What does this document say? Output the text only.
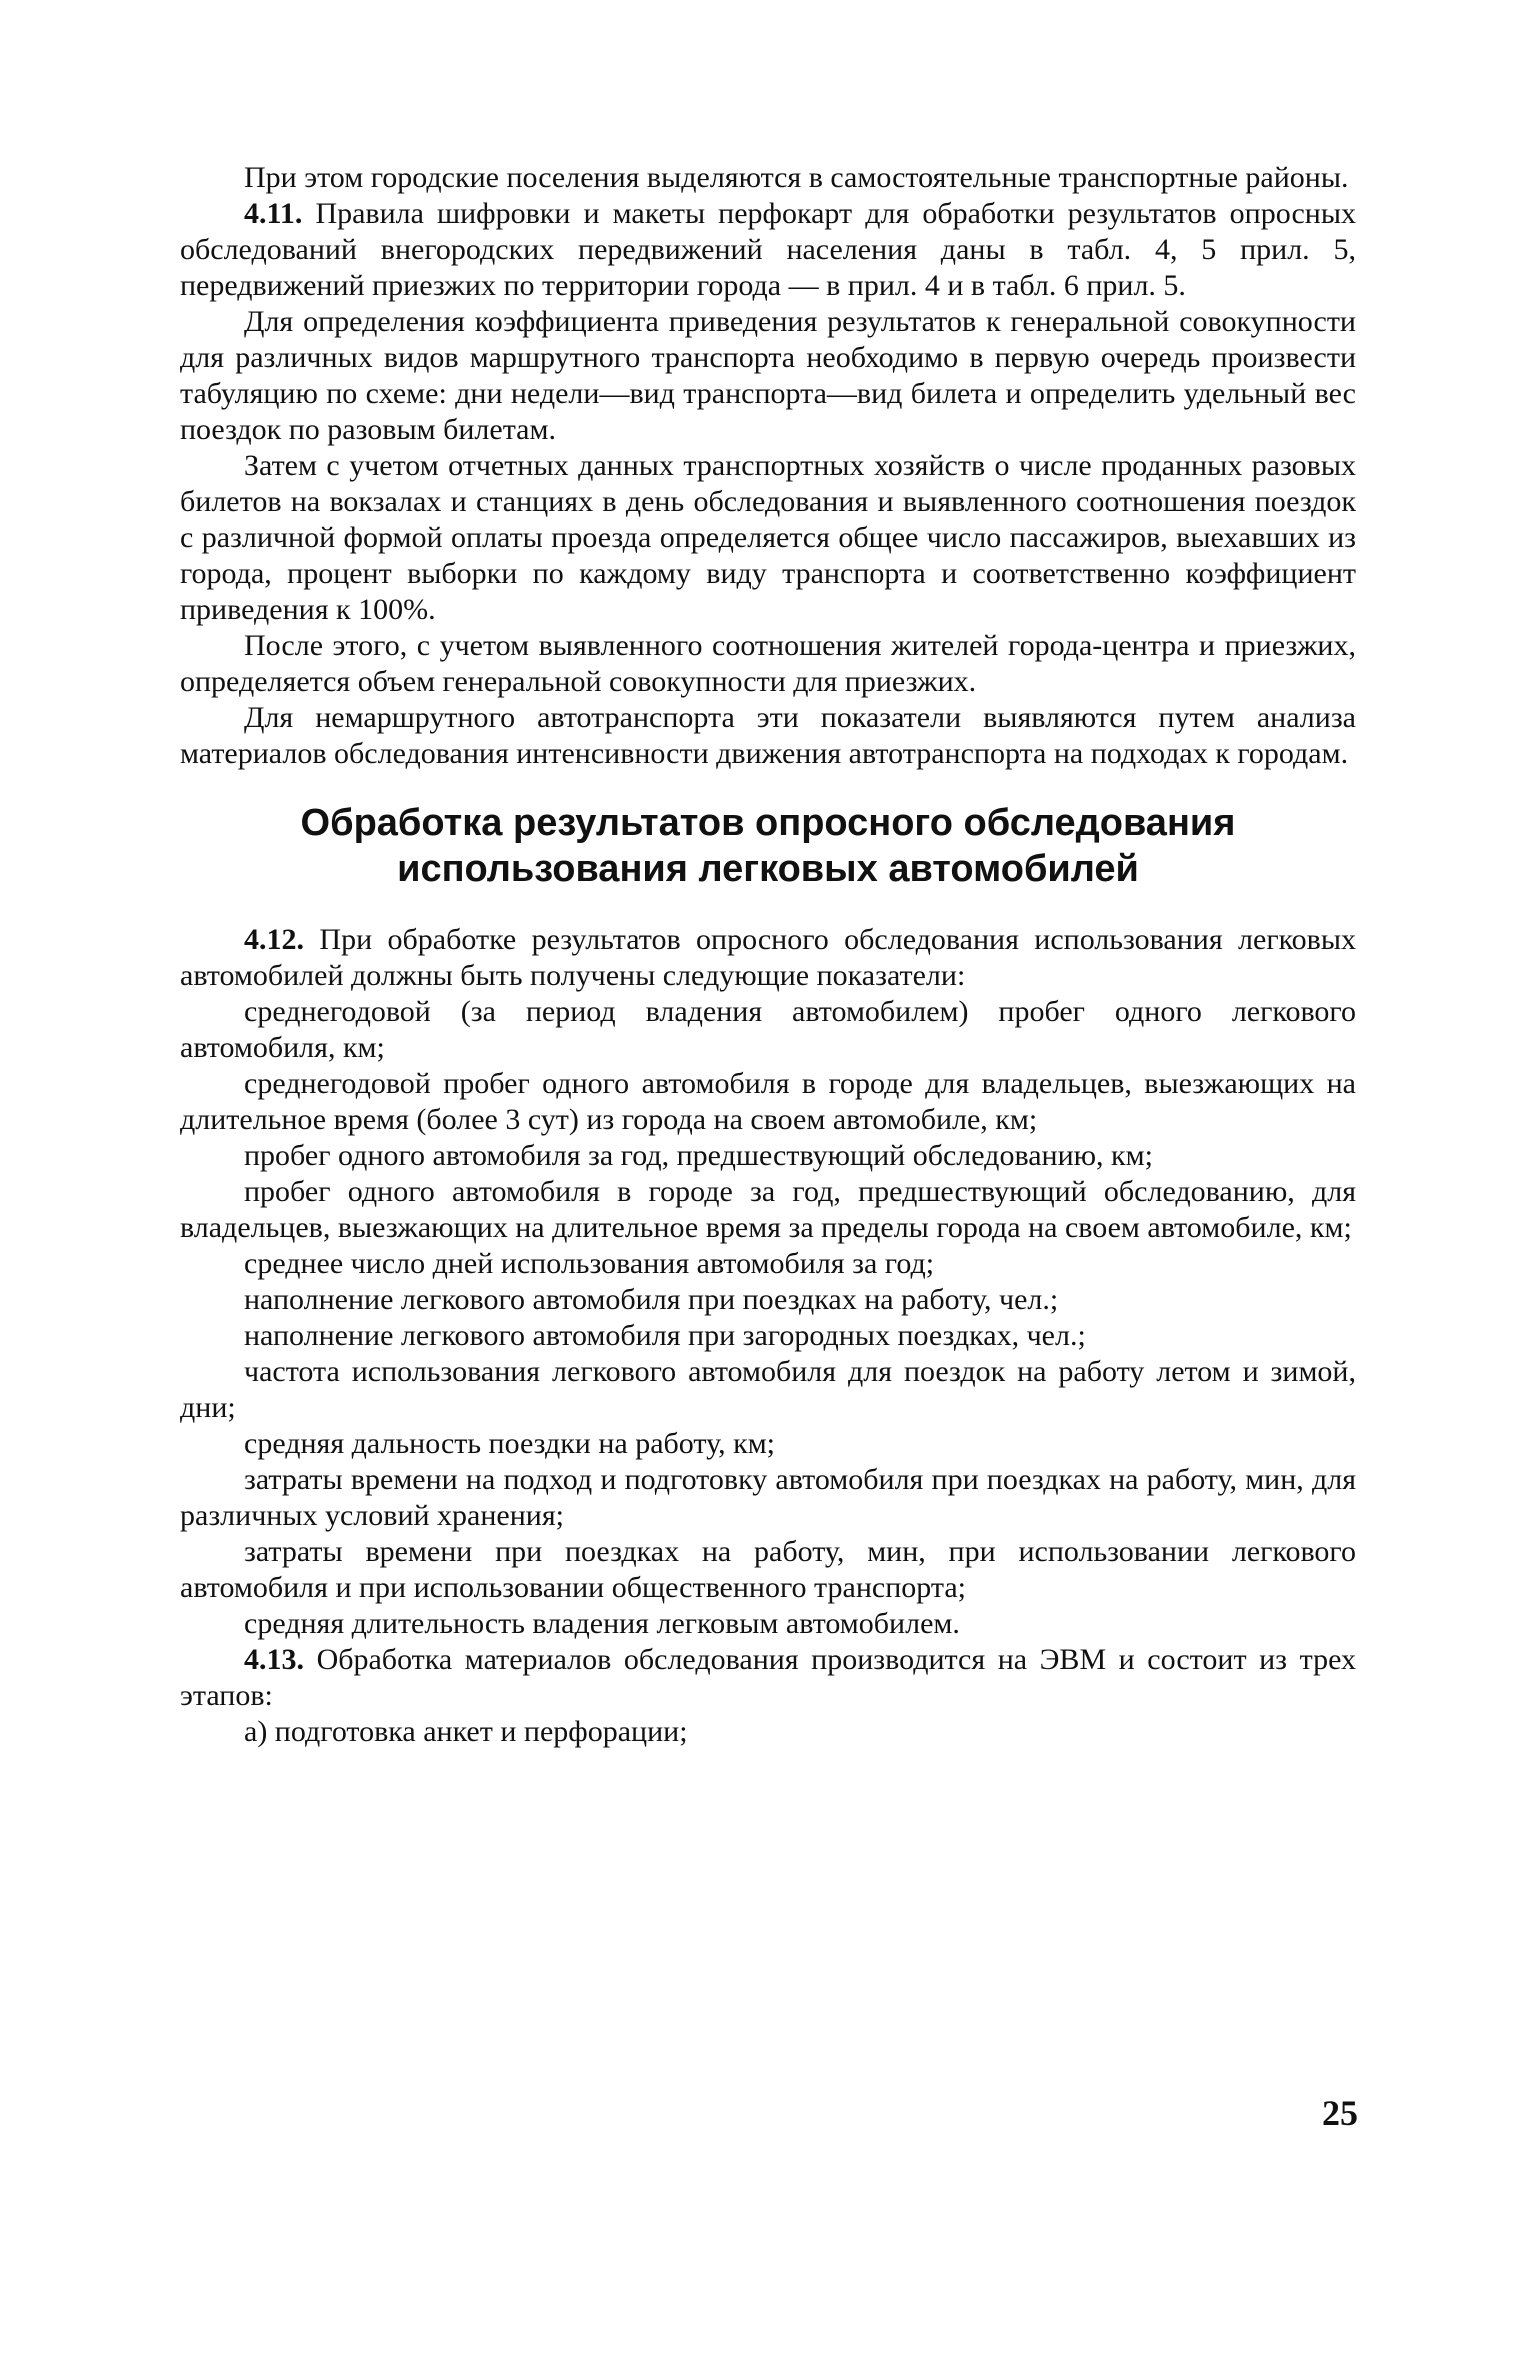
При этом городские поселения выделяются в самостоятельные транспортные районы.

4.11. Правила шифровки и макеты перфокарт для обработки результатов опросных обследований внегородских передвижений населения даны в табл. 4, 5 прил. 5, передвижений приезжих по территории города — в прил. 4 и в табл. 6 прил. 5.

Для определения коэффициента приведения результатов к генеральной совокупности для различных видов маршрутного транспорта необходимо в первую очередь произвести табуляцию по схеме: дни недели—вид транспорта—вид билета и определить удельный вес поездок по разовым билетам.

Затем с учетом отчетных данных транспортных хозяйств о числе проданных разовых билетов на вокзалах и станциях в день обследования и выявленного соотношения поездок с различной формой оплаты проезда определяется общее число пассажиров, выехавших из города, процент выборки по каждому виду транспорта и соответственно коэффициент приведения к 100%.

После этого, с учетом выявленного соотношения жителей города-центра и приезжих, определяется объем генеральной совокупности для приезжих.

Для немаршрутного автотранспорта эти показатели выявляются путем анализа материалов обследования интенсивности движения автотранспорта на подходах к городам.

Обработка результатов опросного обследования использования легковых автомобилей

4.12. При обработке результатов опросного обследования использования легковых автомобилей должны быть получены следующие показатели:

среднегодовой (за период владения автомобилем) пробег одного легкового автомобиля, км;

среднегодовой пробег одного автомобиля в городе для владельцев, выезжающих на длительное время (более 3 сут) из города на своем автомобиле, км;

пробег одного автомобиля за год, предшествующий обследованию, км;

пробег одного автомобиля в городе за год, предшествующий обследованию, для владельцев, выезжающих на длительное время за пределы города на своем автомобиле, км;

среднее число дней использования автомобиля за год;

наполнение легкового автомобиля при поездках на работу, чел.;

наполнение легкового автомобиля при загородных поездках, чел.;

частота использования легкового автомобиля для поездок на работу летом и зимой, дни;

средняя дальность поездки на работу, км;

затраты времени на подход и подготовку автомобиля при поездках на работу, мин, для различных условий хранения;

затраты времени при поездках на работу, мин, при использовании легкового автомобиля и при использовании общественного транспорта;

средняя длительность владения легковым автомобилем.

4.13. Обработка материалов обследования производится на ЭВМ и состоит из трех этапов:

а) подготовка анкет и перфорации;

25
